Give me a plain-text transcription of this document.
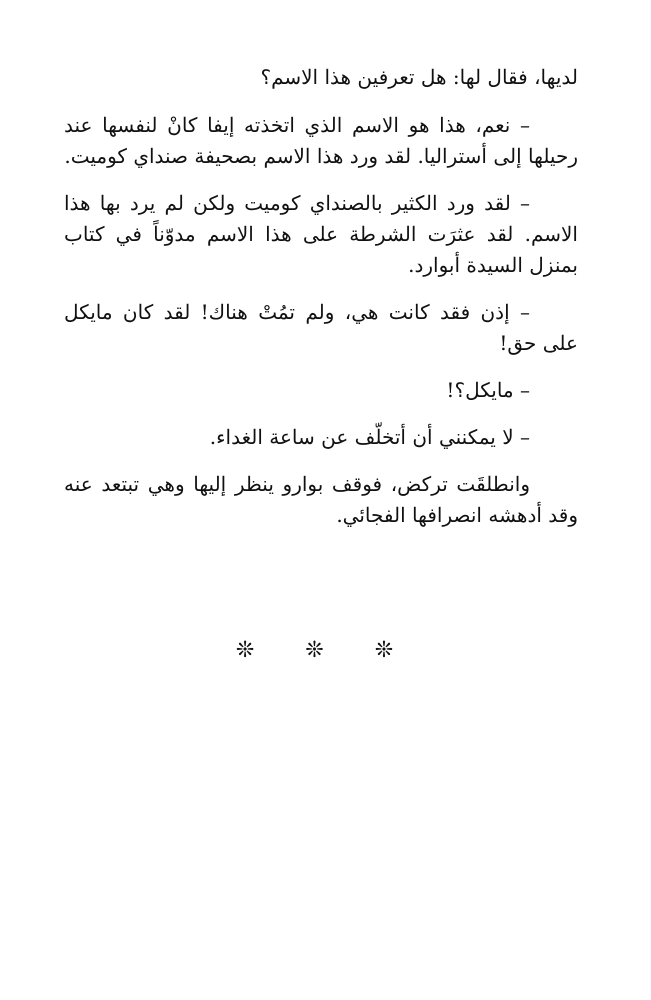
لديها، فقال لها: هل تعرفين هذا الاسم؟

– نعم، هذا هو الاسم الذي اتخذته إيفا كانْ لنفسها عند رحيلها إلى أستراليا. لقد ورد هذا الاسم بصحيفة صنداي كوميت.

– لقد ورد الكثير بالصنداي كوميت ولكن لم يرد بها هذا الاسم. لقد عثرَت الشرطة على هذا الاسم مدوّناً في كتاب بمنزل السيدة أبوارد.

– إذن فقد كانت هي، ولم تمُتْ هناك! لقد كان مايكل على حق!

– مايكل؟!

– لا يمكنني أن أتخلّف عن ساعة الغداء.

وانطلقَت تركض، فوقف بوارو ينظر إليها وهي تبتعد عنه وقد أدهشه انصرافها الفجائي.

❊ ❊ ❊
